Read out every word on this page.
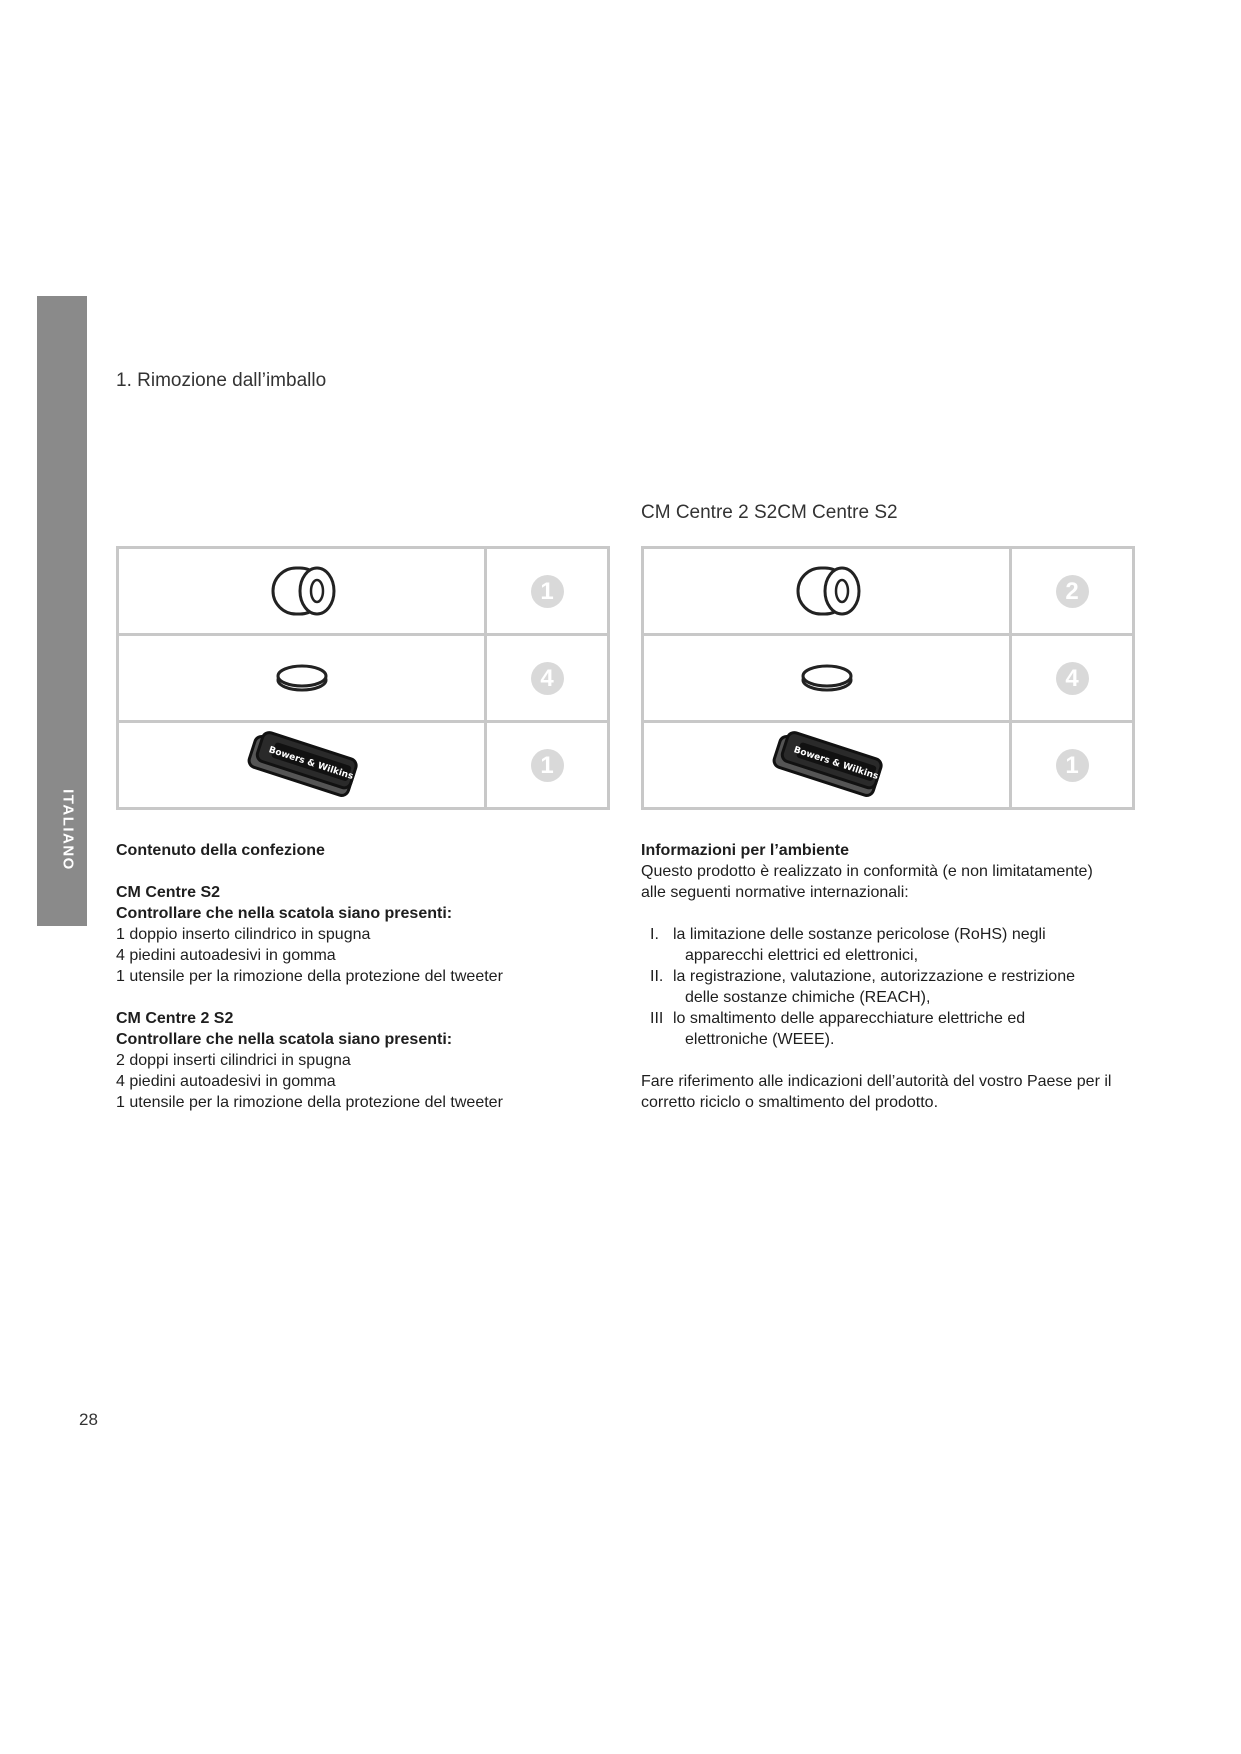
ITALIANO
1. Rimozione dall’imballo
CM Centre 2 S2CM Centre S2
	1

	4

Bowers & Wilkins	1
	2

	4

Bowers & Wilkins	1

Contenuto della confezione

CM Centre S2

Controllare che nella scatola siano presenti:

1 doppio inserto cilindrico in spugna

4 piedini autoadesivi in gomma

1 utensile per la rimozione della protezione del tweeter

CM Centre 2 S2

Controllare che nella scatola siano presenti:

2 doppi inserti cilindrici in spugna

4 piedini autoadesivi in gomma

1 utensile per la rimozione della protezione del tweeter

Informazioni per l’ambiente

Questo prodotto è realizzato in conformità (e non limitatamente)

alle seguenti normative internazionali:

I. la limitazione delle sostanze pericolose (RoHS) negli
apparecchi elettrici ed elettronici,
II. la registrazione, valutazione, autorizzazione e restrizione
delle sostanze chimiche (REACH),
III lo smaltimento delle apparecchiature elettriche ed
elettroniche (WEEE).

Fare riferimento alle indicazioni dell’autorità del vostro Paese per il

corretto riciclo o smaltimento del prodotto.

28
